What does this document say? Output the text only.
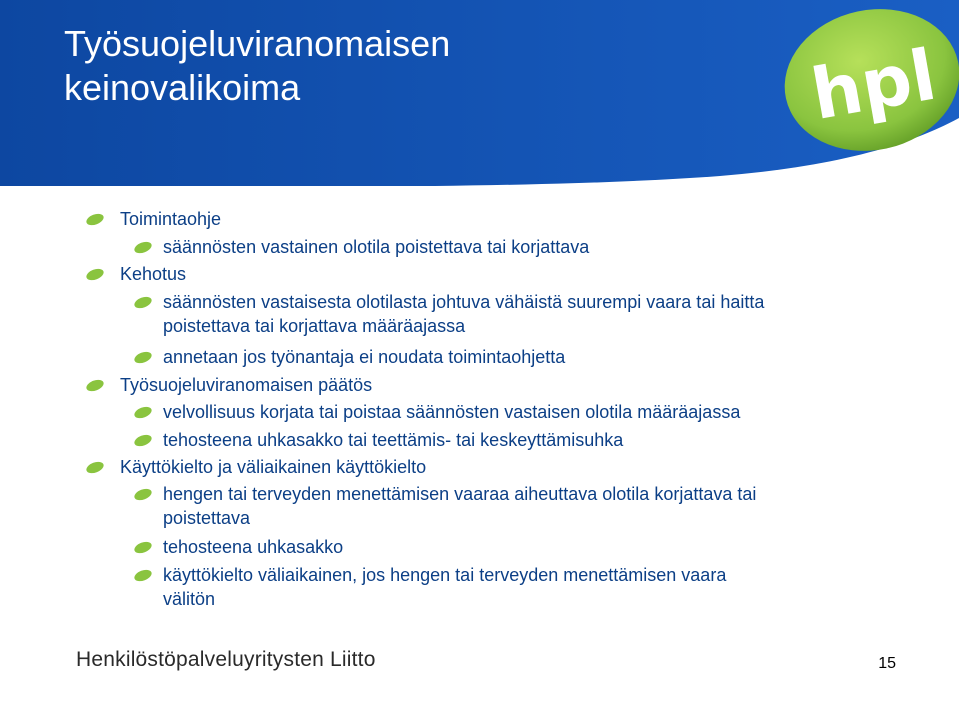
Työsuojeluviranomaisen
keinovalikoima	hpl
Toimintaohje
säännösten vastainen olotila poistettava tai korjattava
Kehotus
säännösten vastaisesta olotilasta johtuva vähäistä suurempi vaara tai haitta
poistettava tai korjattava määräajassa
annetaan jos työnantaja ei noudata toimintaohjetta
Työsuojeluviranomaisen päätös
velvollisuus korjata tai poistaa säännösten vastaisen olotila määräajassa
tehosteena uhkasakko tai teettämis- tai keskeyttämisuhka
Käyttökielto ja väliaikainen käyttökielto
hengen tai terveyden menettämisen vaaraa aiheuttava olotila korjattava tai
poistettava
tehosteena uhkasakko
käyttökielto väliaikainen, jos hengen tai terveyden menettämisen vaara
välitön
Henkilöstöpalveluyritysten Liitto	15
